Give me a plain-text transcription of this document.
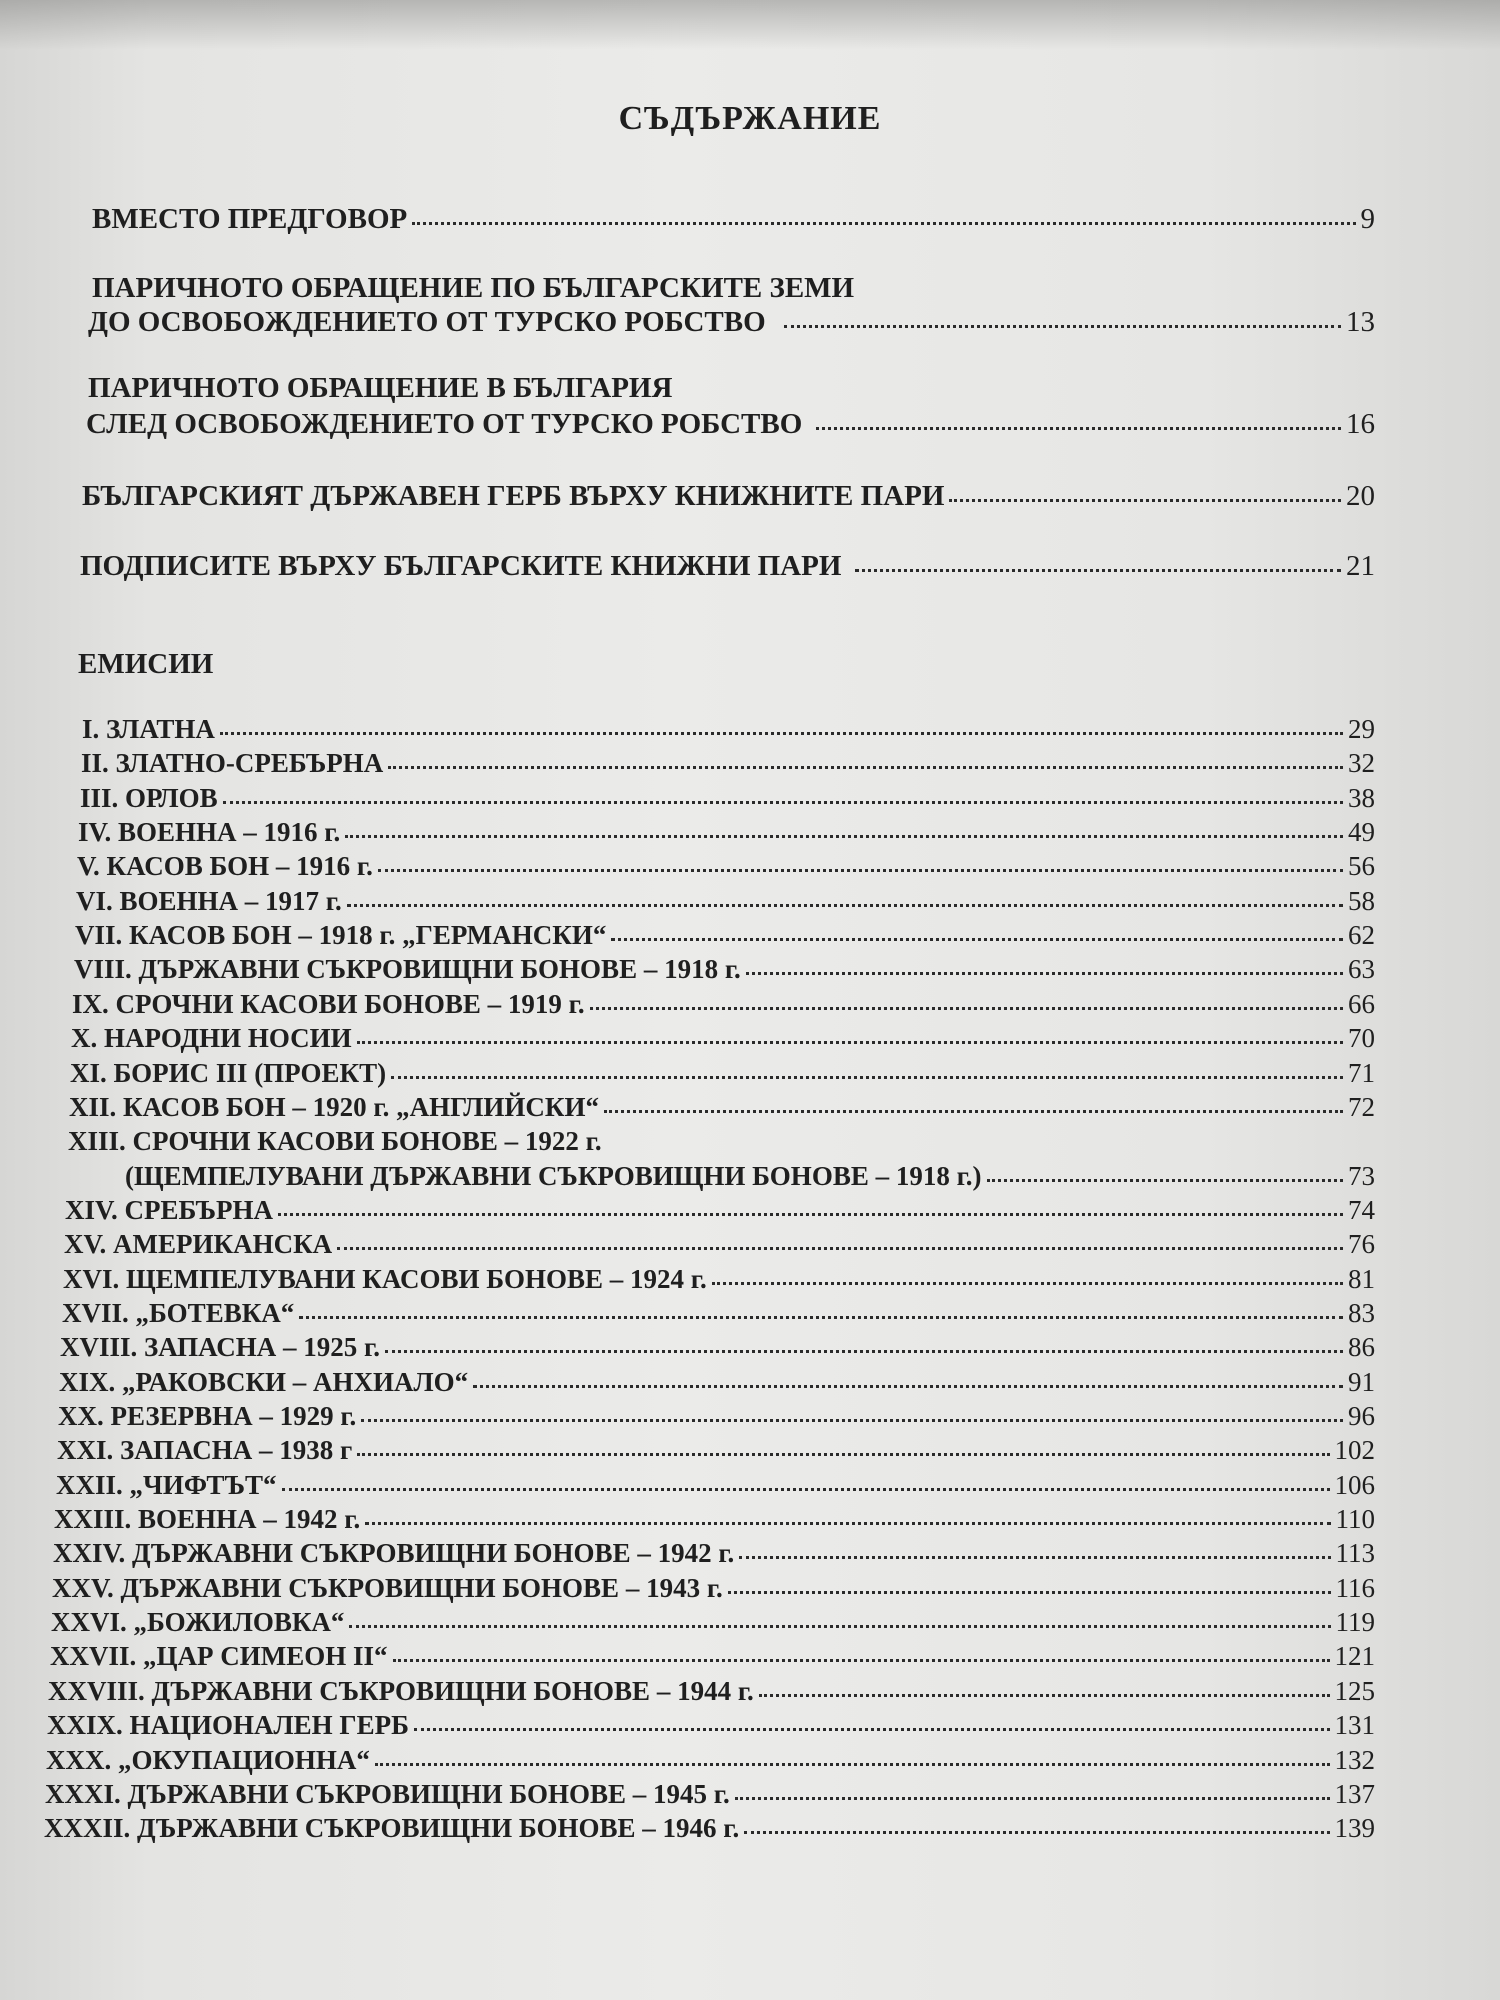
СЪДЪРЖАНИЕ
ВМЕСТО ПРЕДГОВОР	9
ПАРИЧНОТО ОБРАЩЕНИЕ ПО БЪЛГАРСКИТЕ ЗЕМИ
ДО ОСВОБОЖДЕНИЕТО ОТ ТУРСКО РОБСТВО	13
ПАРИЧНОТО ОБРАЩЕНИЕ В БЪЛГАРИЯ
СЛЕД ОСВОБОЖДЕНИЕТО ОТ ТУРСКО РОБСТВО	16
БЪЛГАРСКИЯТ ДЪРЖАВЕН ГЕРБ ВЪРХУ КНИЖНИТЕ ПАРИ	20
ПОДПИСИТЕ ВЪРХУ БЪЛГАРСКИТЕ КНИЖНИ ПАРИ	21
ЕМИСИИ
I. ЗЛАТНА	29
II. ЗЛАТНО-СРЕБЪРНА	32
III. ОРЛОВ	38
IV. ВОЕННА – 1916 г.	49
V. КАСОВ БОН – 1916 г.	56
VI. ВОЕННА – 1917 г.	58
VII. КАСОВ БОН – 1918 г. „ГЕРМАНСКИ“	62
VIII. ДЪРЖАВНИ СЪКРОВИЩНИ БОНОВЕ – 1918 г.	63
IX. СРОЧНИ КАСОВИ БОНОВЕ – 1919 г.	66
X. НАРОДНИ НОСИИ	70
XI. БОРИС III (ПРОЕКТ)	71
XII. КАСОВ БОН – 1920 г. „АНГЛИЙСКИ“	72
XIII. СРОЧНИ КАСОВИ БОНОВЕ – 1922 г.
(ЩЕМПЕЛУВАНИ ДЪРЖАВНИ СЪКРОВИЩНИ БОНОВЕ – 1918 г.)	73
XIV. СРЕБЪРНА	74
XV. АМЕРИКАНСКА	76
XVI. ЩЕМПЕЛУВАНИ КАСОВИ БОНОВЕ – 1924 г.	81
XVII. „БОТЕВКА“	83
XVIII. ЗАПАСНА – 1925 г.	86
XIX. „РАКОВСКИ – АНХИАЛО“	91
XX. РЕЗЕРВНА – 1929 г.	96
XXI. ЗАПАСНА – 1938 г	102
XXII. „ЧИФТЪТ“	106
XXIII. ВОЕННА – 1942 г.	110
XXIV. ДЪРЖАВНИ СЪКРОВИЩНИ БОНОВЕ – 1942 г.	113
XXV. ДЪРЖАВНИ СЪКРОВИЩНИ БОНОВЕ – 1943 г.	116
XXVI. „БОЖИЛОВКА“	119
XXVII. „ЦАР СИМЕОН II“	121
XXVIII. ДЪРЖАВНИ СЪКРОВИЩНИ БОНОВЕ – 1944 г.	125
XXIX. НАЦИОНАЛЕН ГЕРБ	131
XXX. „ОКУПАЦИОННА“	132
XXXI. ДЪРЖАВНИ СЪКРОВИЩНИ БОНОВЕ – 1945 г.	137
XXXII. ДЪРЖАВНИ СЪКРОВИЩНИ БОНОВЕ – 1946 г.	139
